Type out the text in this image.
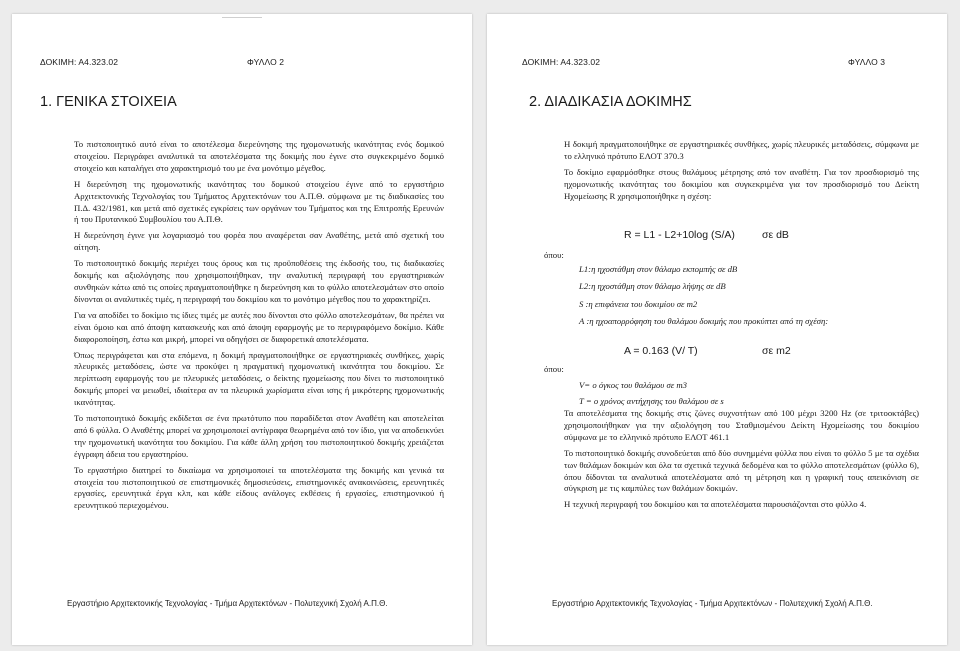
ΔΟΚΙΜΗ: Α4.323.02	ΦΥΛΛΟ 2
1. ΓΕΝΙΚΑ ΣΤΟΙΧΕΙΑ

Το πιστοποιητικό αυτό είναι το αποτέλεσμα διερεύνησης της ηχομονωτικής ικανότητας ενός δομικού στοιχείου. Περιγράφει αναλυτικά τα αποτελέσματα της δοκιμής που έγινε στο συγκεκριμένο δομικό στοιχείο και καταλήγει στο χαρακτηρισμό του με ένα μονότιμο μέγεθος.

Η διερεύνηση της ηχομονωτικής ικανότητας του δομικού στοιχείου έγινε από το εργαστήριο Αρχιτεκτονικής Τεχνολογίας του Τμήματος Αρχιτεκτόνων του Α.Π.Θ. σύμφωνα με τις διαδικασίες του Π.Δ. 432/1981, και μετά από σχετικές εγκρίσεις των οργάνων του Τμήματος και της Επιτροπής Ερευνών ή του Πρυτανικού Συμβουλίου του Α.Π.Θ.

Η διερεύνηση έγινε για λογαριασμό του φορέα που αναφέρεται σαν Αναθέτης, μετά από σχετική του αίτηση.

Το πιστοποιητικό δοκιμής περιέχει τους όρους και τις προϋποθέσεις της έκδοσής του, τις διαδικασίες δοκιμής και αξιολόγησης που χρησιμοποιήθηκαν, την αναλυτική περιγραφή του εργαστηριακών συνθηκών κάτω από τις οποίες πραγματοποιήθηκε η διερεύνηση και το φύλλο αποτελεσμάτων στο οποίο δίνονται οι αναλυτικές τιμές, η περιγραφή του δοκιμίου και το μονότιμο μέγεθος που το χαρακτηρίζει.

Για να αποδίδει το δοκίμιο τις ίδιες τιμές με αυτές που δίνονται στο φύλλο αποτελεσμάτων, θα πρέπει να είναι όμοιο και από άποψη κατασκευής και από άποψη εφαρμογής με το περιγραφόμενο δοκίμιο. Κάθε διαφοροποίηση, έστω και μικρή, μπορεί να οδηγήσει σε διαφορετικά αποτελέσματα.

Όπως περιγράφεται και στα επόμενα, η δοκιμή πραγματοποιήθηκε σε εργαστηριακές συνθήκες, χωρίς πλευρικές μεταδόσεις, ώστε να προκύψει η πραγματική ηχομονωτική ικανότητα του δοκιμίου. Σε περίπτωση εφαρμογής του με πλευρικές μεταδόσεις, ο δείκτης ηχομείωσης που δίνει το πιστοποιητικό δοκιμής μπορεί να μειωθεί, ιδιαίτερα αν τα πλευρικά χωρίσματα είναι ισης ή μικρότερης ηχομονωτικής ικανότητας.

Το πιστοποιητικό δοκιμής εκδίδεται σε ένα πρωτότυπο που παραδίδεται στον Αναθέτη και αποτελείται από 6 φύλλα. Ο Αναθέτης μπορεί να χρησιμοποιεί αντίγραφα θεωρημένα από τον ίδιο, για να αποδεικνύει την ηχομονωτική ικανότητα του δοκιμίου. Για κάθε άλλη χρήση του πιστοποιητικού δοκιμής χρειάζεται έγγραφη άδεια του εργαστηρίου.

Το εργαστήριο διατηρεί το δικαίωμα να χρησιμοποιεί τα αποτελέσματα της δοκιμής και γενικά τα στοιχεία του πιστοποιητικού σε επιστημονικές δημοσιεύσεις, επιστημονικές ανακοινώσεις, ερευνητικές εργασίες, ερευνητικά έργα κλπ, και κάθε είδους ανάλογες εκθέσεις ή εργασίες, επιστημονικού ή ερευνητικού περιεχομένου.

Εργαστήριο Αρχιτεκτονικής Τεχνολογίας - Τμήμα Αρχιτεκτόνων - Πολυτεχνική Σχολή Α.Π.Θ.
ΔΟΚΙΜΗ: Α4.323.02	ΦΥΛΛΟ 3
2. ΔΙΑΔΙΚΑΣΙΑ ΔΟΚΙΜΗΣ

Η δοκιμή πραγματοποιήθηκε σε εργαστηριακές συνθήκες, χωρίς πλευρικές μεταδόσεις, σύμφωνα με το ελληνικό πρότυπο ΕΛΟΤ 370.3

Το δοκίμιο εφαρμόσθηκε στους θαλάμους μέτρησης από τον αναθέτη. Για τον προσδιορισμό της ηχομονωτικής ικανότητας του δοκιμίου και συγκεκριμένα για τον προσδιορισμό του Δείκτη Ηχομείωσης R χρησιμοποιήθηκε η σχέση:

R = L1 - L2+10log (S/A)	σε dB
όπου:
L1:η ηχοστάθμη στον θάλαμο εκπομπής σε dB
L2:η ηχοστάθμη στον θάλαμο λήψης σε dB
S :η επιφάνεια του δοκιμίου σε m2
A :η ηχοαπορρόφηση του θαλάμου δοκιμής που προκύπτει από τη σχέση:
A = 0.163 (V/ T)	σε m2
όπου:
V= ο όγκος του θαλάμου σε m3
T = ο χρόνος αντήχησης του θαλάμου σε s

Τα αποτελέσματα της δοκιμής στις ζώνες συχνοτήτων από 100 μέχρι 3200 Hz (σε τριτοοκτάβες) χρησιμοποιήθηκαν για την αξιολόγηση του Σταθμισμένου Δείκτη Ηχομείωσης του δοκιμίου σύμφωνα με το ελληνικό πρότυπο ΕΛΟΤ 461.1

Το πιστοποιητικό δοκιμής συνοδεύεται από δύο συνημμένα φύλλα που είναι το φύλλο 5 με τα σχέδια των θαλάμων δοκιμών και όλα τα σχετικά τεχνικά δεδομένα και το φύλλο αποτελεσμάτων (φύλλο 6), όπου δίδονται τα αναλυτικά αποτελέσματα από τη μέτρηση και η γραφική τους απεικόνιση σε σύγκριση με τις καμπύλες των θαλάμων δοκιμών.

Η τεχνική περιγραφή του δοκιμίου και τα αποτελέσματα παρουσιάζονται στο φύλλο 4.

Εργαστήριο Αρχιτεκτονικής Τεχνολογίας - Τμήμα Αρχιτεκτόνων - Πολυτεχνική Σχολή Α.Π.Θ.
